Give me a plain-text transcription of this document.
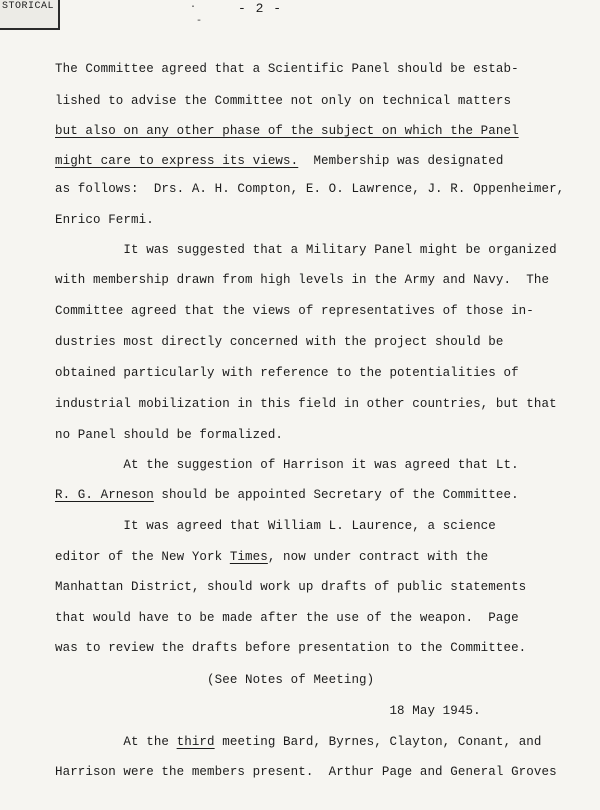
STORICAL	- 2 -
·
-
The Committee agreed that a Scientific Panel should be estab-
lished to advise the Committee not only on technical matters
but also on any other phase of the subject on which the Panel
might care to express its views.  Membership was designated
as follows:  Drs. A. H. Compton, E. O. Lawrence, J. R. Oppenheimer,
Enrico Fermi.
It was suggested that a Military Panel might be organized
with membership drawn from high levels in the Army and Navy.  The
Committee agreed that the views of representatives of those in-
dustries most directly concerned with the project should be
obtained particularly with reference to the potentialities of
industrial mobilization in this field in other countries, but that
no Panel should be formalized.
At the suggestion of Harrison it was agreed that Lt.
R. G. Arneson should be appointed Secretary of the Committee.
It was agreed that William L. Laurence, a science
editor of the New York Times, now under contract with the
Manhattan District, should work up drafts of public statements
that would have to be made after the use of the weapon.  Page
was to review the drafts before presentation to the Committee.
(See Notes of Meeting)
18 May 1945.
At the third meeting Bard, Byrnes, Clayton, Conant, and
Harrison were the members present.  Arthur Page and General Groves
